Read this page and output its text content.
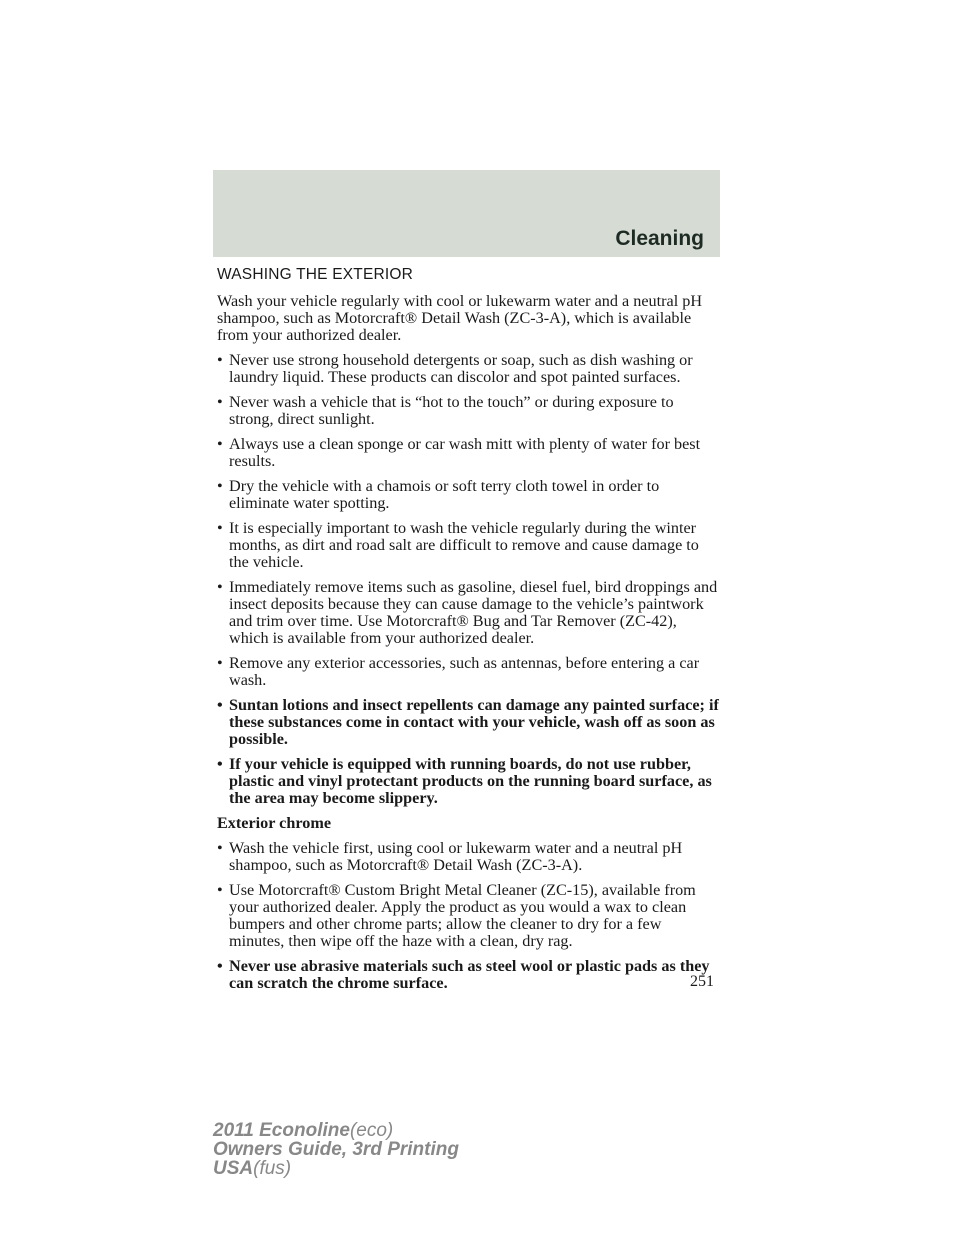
Cleaning
WASHING THE EXTERIOR

Wash your vehicle regularly with cool or lukewarm water and a neutral pH shampoo, such as Motorcraft® Detail Wash (ZC-3-A), which is available from your authorized dealer.

• Never use strong household detergents or soap, such as dish washing or laundry liquid. These products can discolor and spot painted surfaces.
• Never wash a vehicle that is “hot to the touch” or during exposure to strong, direct sunlight.
• Always use a clean sponge or car wash mitt with plenty of water for best results.
• Dry the vehicle with a chamois or soft terry cloth towel in order to eliminate water spotting.
• It is especially important to wash the vehicle regularly during the winter months, as dirt and road salt are difficult to remove and cause damage to the vehicle.
• Immediately remove items such as gasoline, diesel fuel, bird droppings and insect deposits because they can cause damage to the vehicle’s paintwork and trim over time. Use Motorcraft® Bug and Tar Remover (ZC-42), which is available from your authorized dealer.
• Remove any exterior accessories, such as antennas, before entering a car wash.
• Suntan lotions and insect repellents can damage any painted surface; if these substances come in contact with your vehicle, wash off as soon as possible.
• If your vehicle is equipped with running boards, do not use rubber, plastic and vinyl protectant products on the running board surface, as the area may become slippery.
Exterior chrome
• Wash the vehicle first, using cool or lukewarm water and a neutral pH shampoo, such as Motorcraft® Detail Wash (ZC-3-A).
• Use Motorcraft® Custom Bright Metal Cleaner (ZC-15), available from your authorized dealer. Apply the product as you would a wax to clean bumpers and other chrome parts; allow the cleaner to dry for a few minutes, then wipe off the haze with a clean, dry rag.
• Never use abrasive materials such as steel wool or plastic pads as they can scratch the chrome surface.	251
2011 Econoline(eco)
Owners Guide, 3rd Printing
USA(fus)
